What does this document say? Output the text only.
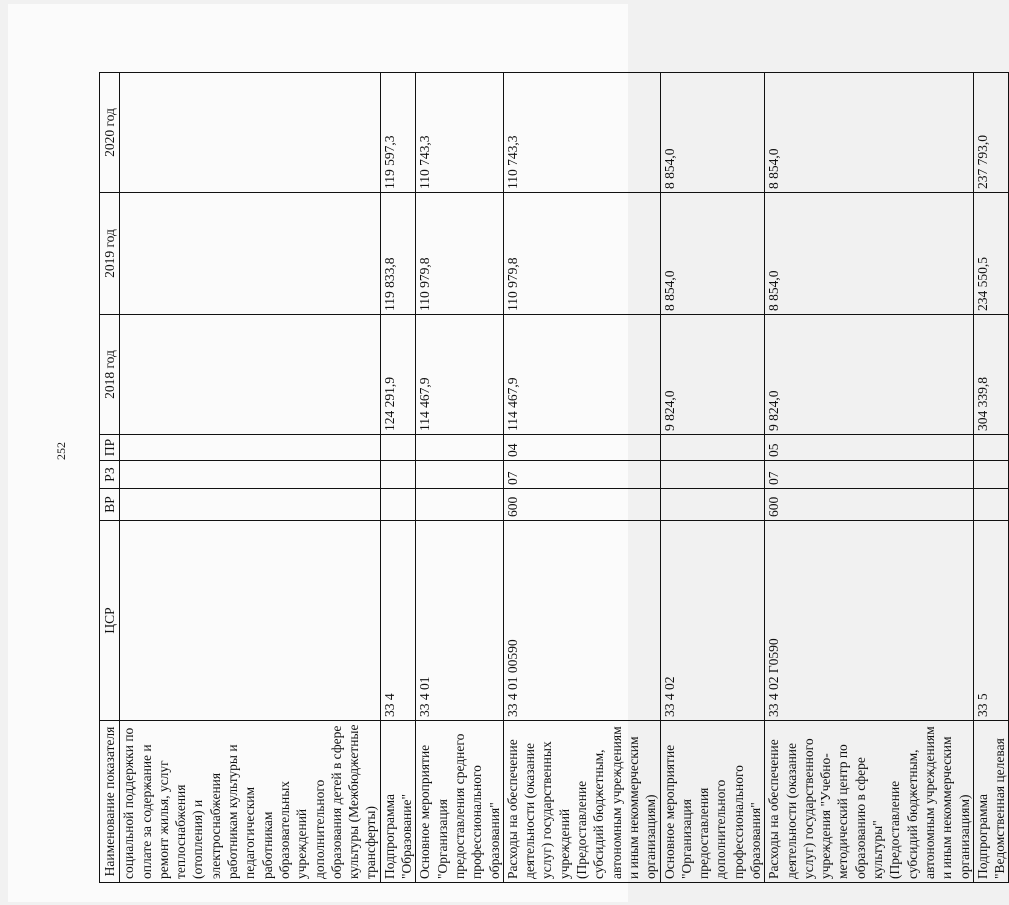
252
Наименование показателя	ЦСР	ВР	РЗ	ПР	2018 год	2019 год	2020 год
социальной поддержки по оплате за содержание и ремонт жилья, услуг теплоснабжения (отопления) и электроснабжения работникам культуры и педагогическим работникам образовательных учреждений дополнительного образования детей в сфере культуры (Межбюджетные трансферты)							
Подпрограмма "Образование"	33 4				124 291,9	119 833,8	119 597,3
Основное мероприятие "Организация предоставления среднего профессионального образования"	33 4 01				114 467,9	110 979,8	110 743,3
Расходы на обеспечение деятельности (оказание услуг) государственных учреждений (Предоставление субсидий бюджетным, автономным учреждениям и иным некоммерческим организациям)	33 4 01 00590	600	07	04	114 467,9	110 979,8	110 743,3
Основное мероприятие "Организация предоставления дополнительного профессионального образования"	33 4 02				9 824,0	8 854,0	8 854,0
Расходы на обеспечение деятельности (оказание услуг) государственного учреждения "Учебно-методический центр по образованию в сфере культуры" (Предоставление субсидий бюджетным, автономным учреждениям и иным некоммерческим организациям)	33 4 02 Г0590	600	07	05	9 824,0	8 854,0	8 854,0
Подпрограмма "Ведомственная целевая	33 5				304 339,8	234 550,5	237 793,0
